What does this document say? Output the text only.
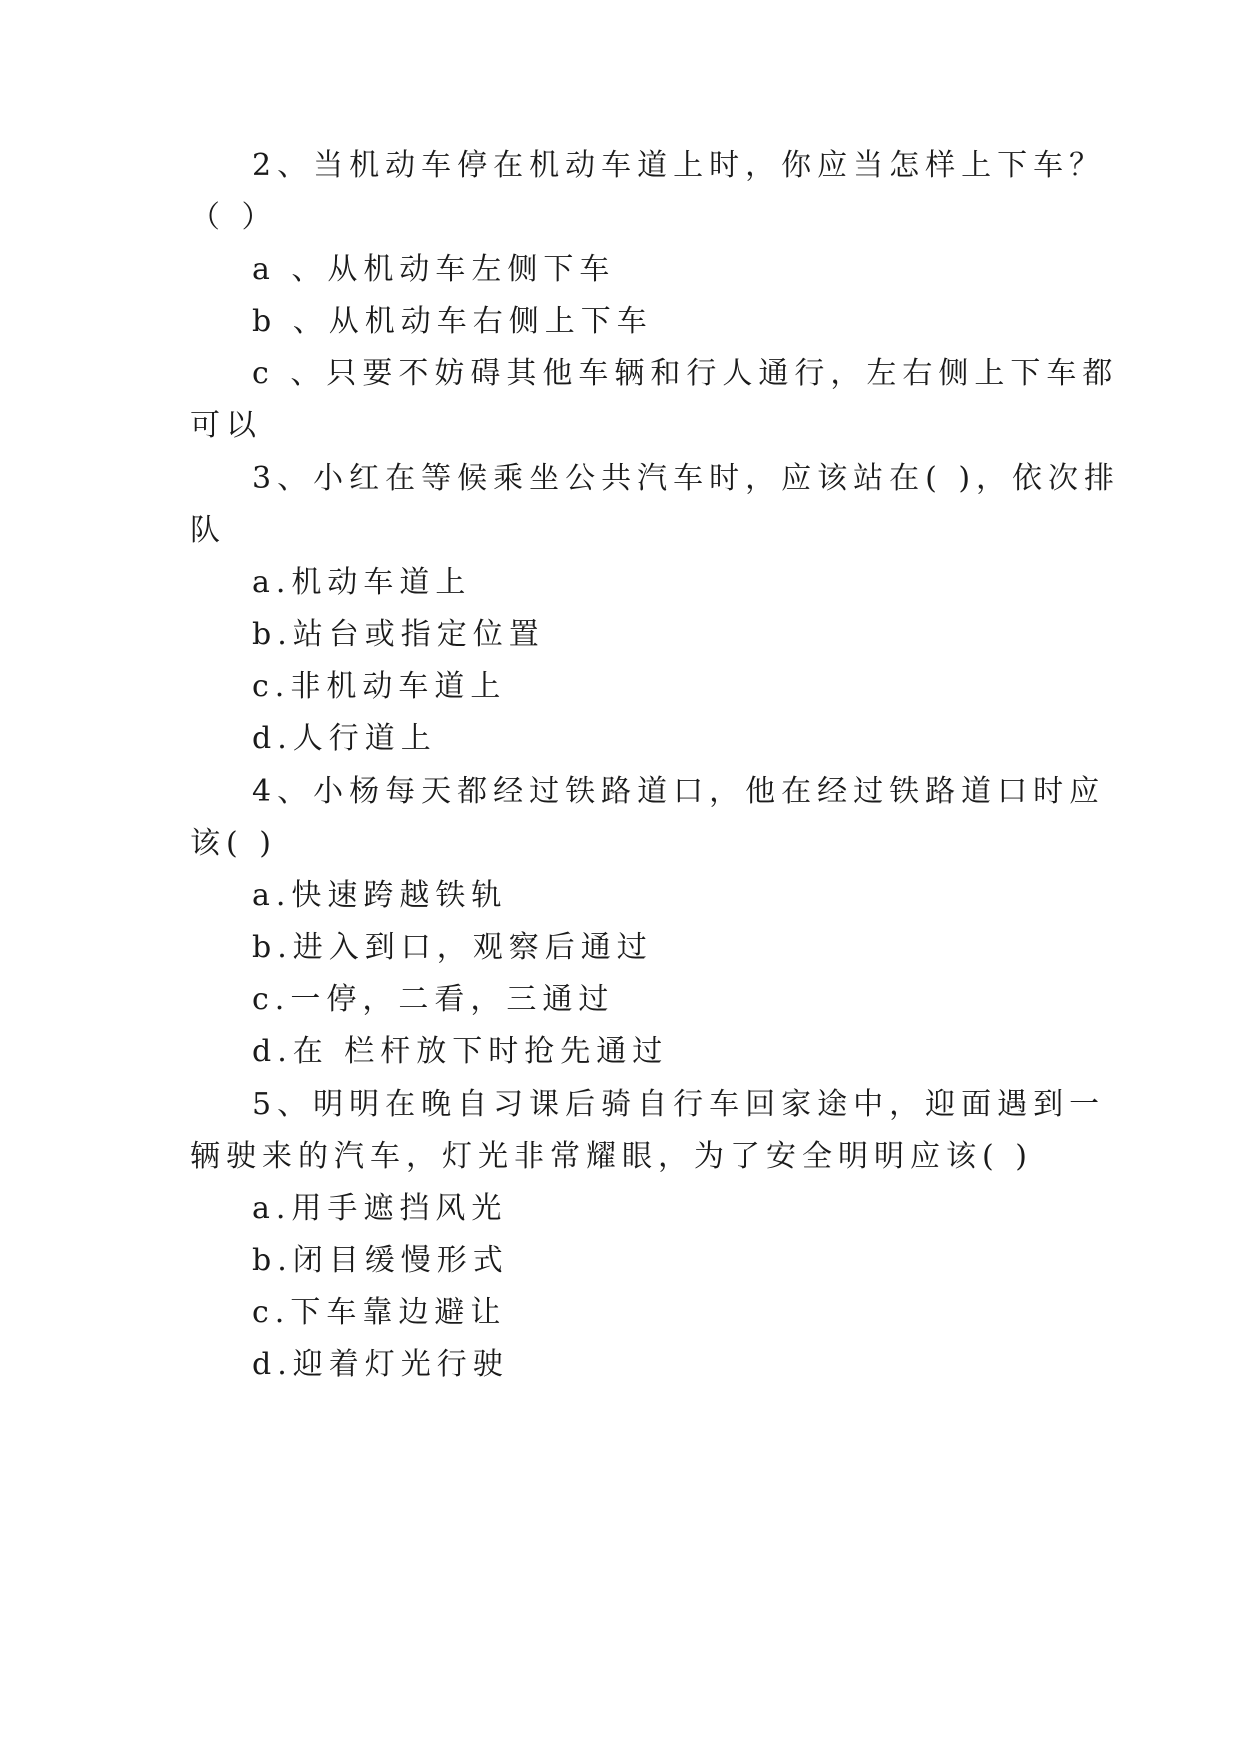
2、当机动车停在机动车道上时，你应当怎样上下车？
（ ）
a 、从机动车左侧下车
b 、从机动车右侧上下车
c 、只要不妨碍其他车辆和行人通行，左右侧上下车都
可以
3、小红在等候乘坐公共汽车时，应该站在( )，依次排
队
a.机动车道上
b.站台或指定位置
c.非机动车道上
d.人行道上
4、小杨每天都经过铁路道口，他在经过铁路道口时应
该( )
a.快速跨越铁轨
b.进入到口，观察后通过
c.一停，二看，三通过
d.在 栏杆放下时抢先通过
5、明明在晚自习课后骑自行车回家途中，迎面遇到一
辆驶来的汽车，灯光非常耀眼，为了安全明明应该( )
a.用手遮挡风光
b.闭目缓慢形式
c.下车靠边避让
d.迎着灯光行驶
